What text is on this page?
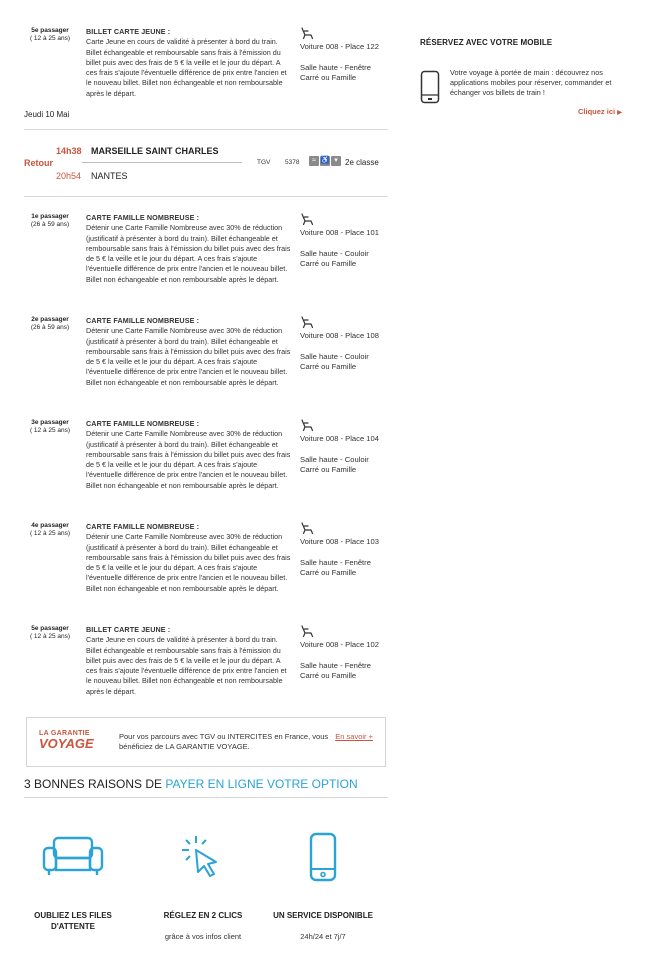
5e passager
( 12 à 25 ans)
BILLET CARTE JEUNE :
Carte Jeune en cours de validité à présenter à bord du train. Billet échangeable et remboursable sans frais à l'émission du billet puis avec des frais de 5 € la veille et le jour du départ. A ces frais s'ajoute l'éventuelle différence de prix entre l'ancien et le nouveau billet. Billet non échangeable et non remboursable après le départ.
Voiture 008 - Place 122
Salle haute - Fenêtre Carré ou Famille
Jeudi 10 Mai
Retour
14h38 MARSEILLE SAINT CHARLES
TGV 5378	≈ ♿ ▾ 2e classe
20h54 NANTES
1e passager
(26 à 59 ans)
CARTE FAMILLE NOMBREUSE :
Détenir une Carte Famille Nombreuse avec 30% de réduction (justificatif à présenter à bord du train). Billet échangeable et remboursable sans frais à l'émission du billet puis avec des frais de 5 € la veille et le jour du départ. A ces frais s'ajoute l'éventuelle différence de prix entre l'ancien et le nouveau billet. Billet non échangeable et non remboursable après le départ.
Voiture 008 - Place 101
Salle haute - Couloir Carré ou Famille
2e passager
(26 à 59 ans)
CARTE FAMILLE NOMBREUSE :
Détenir une Carte Famille Nombreuse avec 30% de réduction (justificatif à présenter à bord du train). Billet échangeable et remboursable sans frais à l'émission du billet puis avec des frais de 5 € la veille et le jour du départ. A ces frais s'ajoute l'éventuelle différence de prix entre l'ancien et le nouveau billet. Billet non échangeable et non remboursable après le départ.
Voiture 008 - Place 108
Salle haute - Couloir Carré ou Famille
3e passager
( 12 à 25 ans)
CARTE FAMILLE NOMBREUSE :
Détenir une Carte Famille Nombreuse avec 30% de réduction (justificatif à présenter à bord du train). Billet échangeable et remboursable sans frais à l'émission du billet puis avec des frais de 5 € la veille et le jour du départ. A ces frais s'ajoute l'éventuelle différence de prix entre l'ancien et le nouveau billet. Billet non échangeable et non remboursable après le départ.
Voiture 008 - Place 104
Salle haute - Couloir Carré ou Famille
4e passager
( 12 à 25 ans)
CARTE FAMILLE NOMBREUSE :
Détenir une Carte Famille Nombreuse avec 30% de réduction (justificatif à présenter à bord du train). Billet échangeable et remboursable sans frais à l'émission du billet puis avec des frais de 5 € la veille et le jour du départ. A ces frais s'ajoute l'éventuelle différence de prix entre l'ancien et le nouveau billet. Billet non échangeable et non remboursable après le départ.
Voiture 008 - Place 103
Salle haute - Fenêtre Carré ou Famille
5e passager
( 12 à 25 ans)
BILLET CARTE JEUNE :
Carte Jeune en cours de validité à présenter à bord du train. Billet échangeable et remboursable sans frais à l'émission du billet puis avec des frais de 5 € la veille et le jour du départ. A ces frais s'ajoute l'éventuelle différence de prix entre l'ancien et le nouveau billet. Billet non échangeable et non remboursable après le départ.
Voiture 008 - Place 102
Salle haute - Fenêtre Carré ou Famille
LA GARANTIE
VOYAGE	Pour vos parcours avec TGV ou INTERCITES en France, vous bénéficiez de LA GARANTIE VOYAGE.
En savoir +
3 BONNES RAISONS DE PAYER EN LIGNE VOTRE OPTION
OUBLIEZ LES FILES D'ATTENTE
RÉGLEZ EN 2 CLICS
grâce à vos infos client
UN SERVICE DISPONIBLE
24h/24 et 7j/7
RÉSERVEZ AVEC VOTRE MOBILE
Votre voyage à portée de main : découvrez nos applications mobiles pour réserver, commander et échanger vos billets de train !
Cliquez ici ▶
